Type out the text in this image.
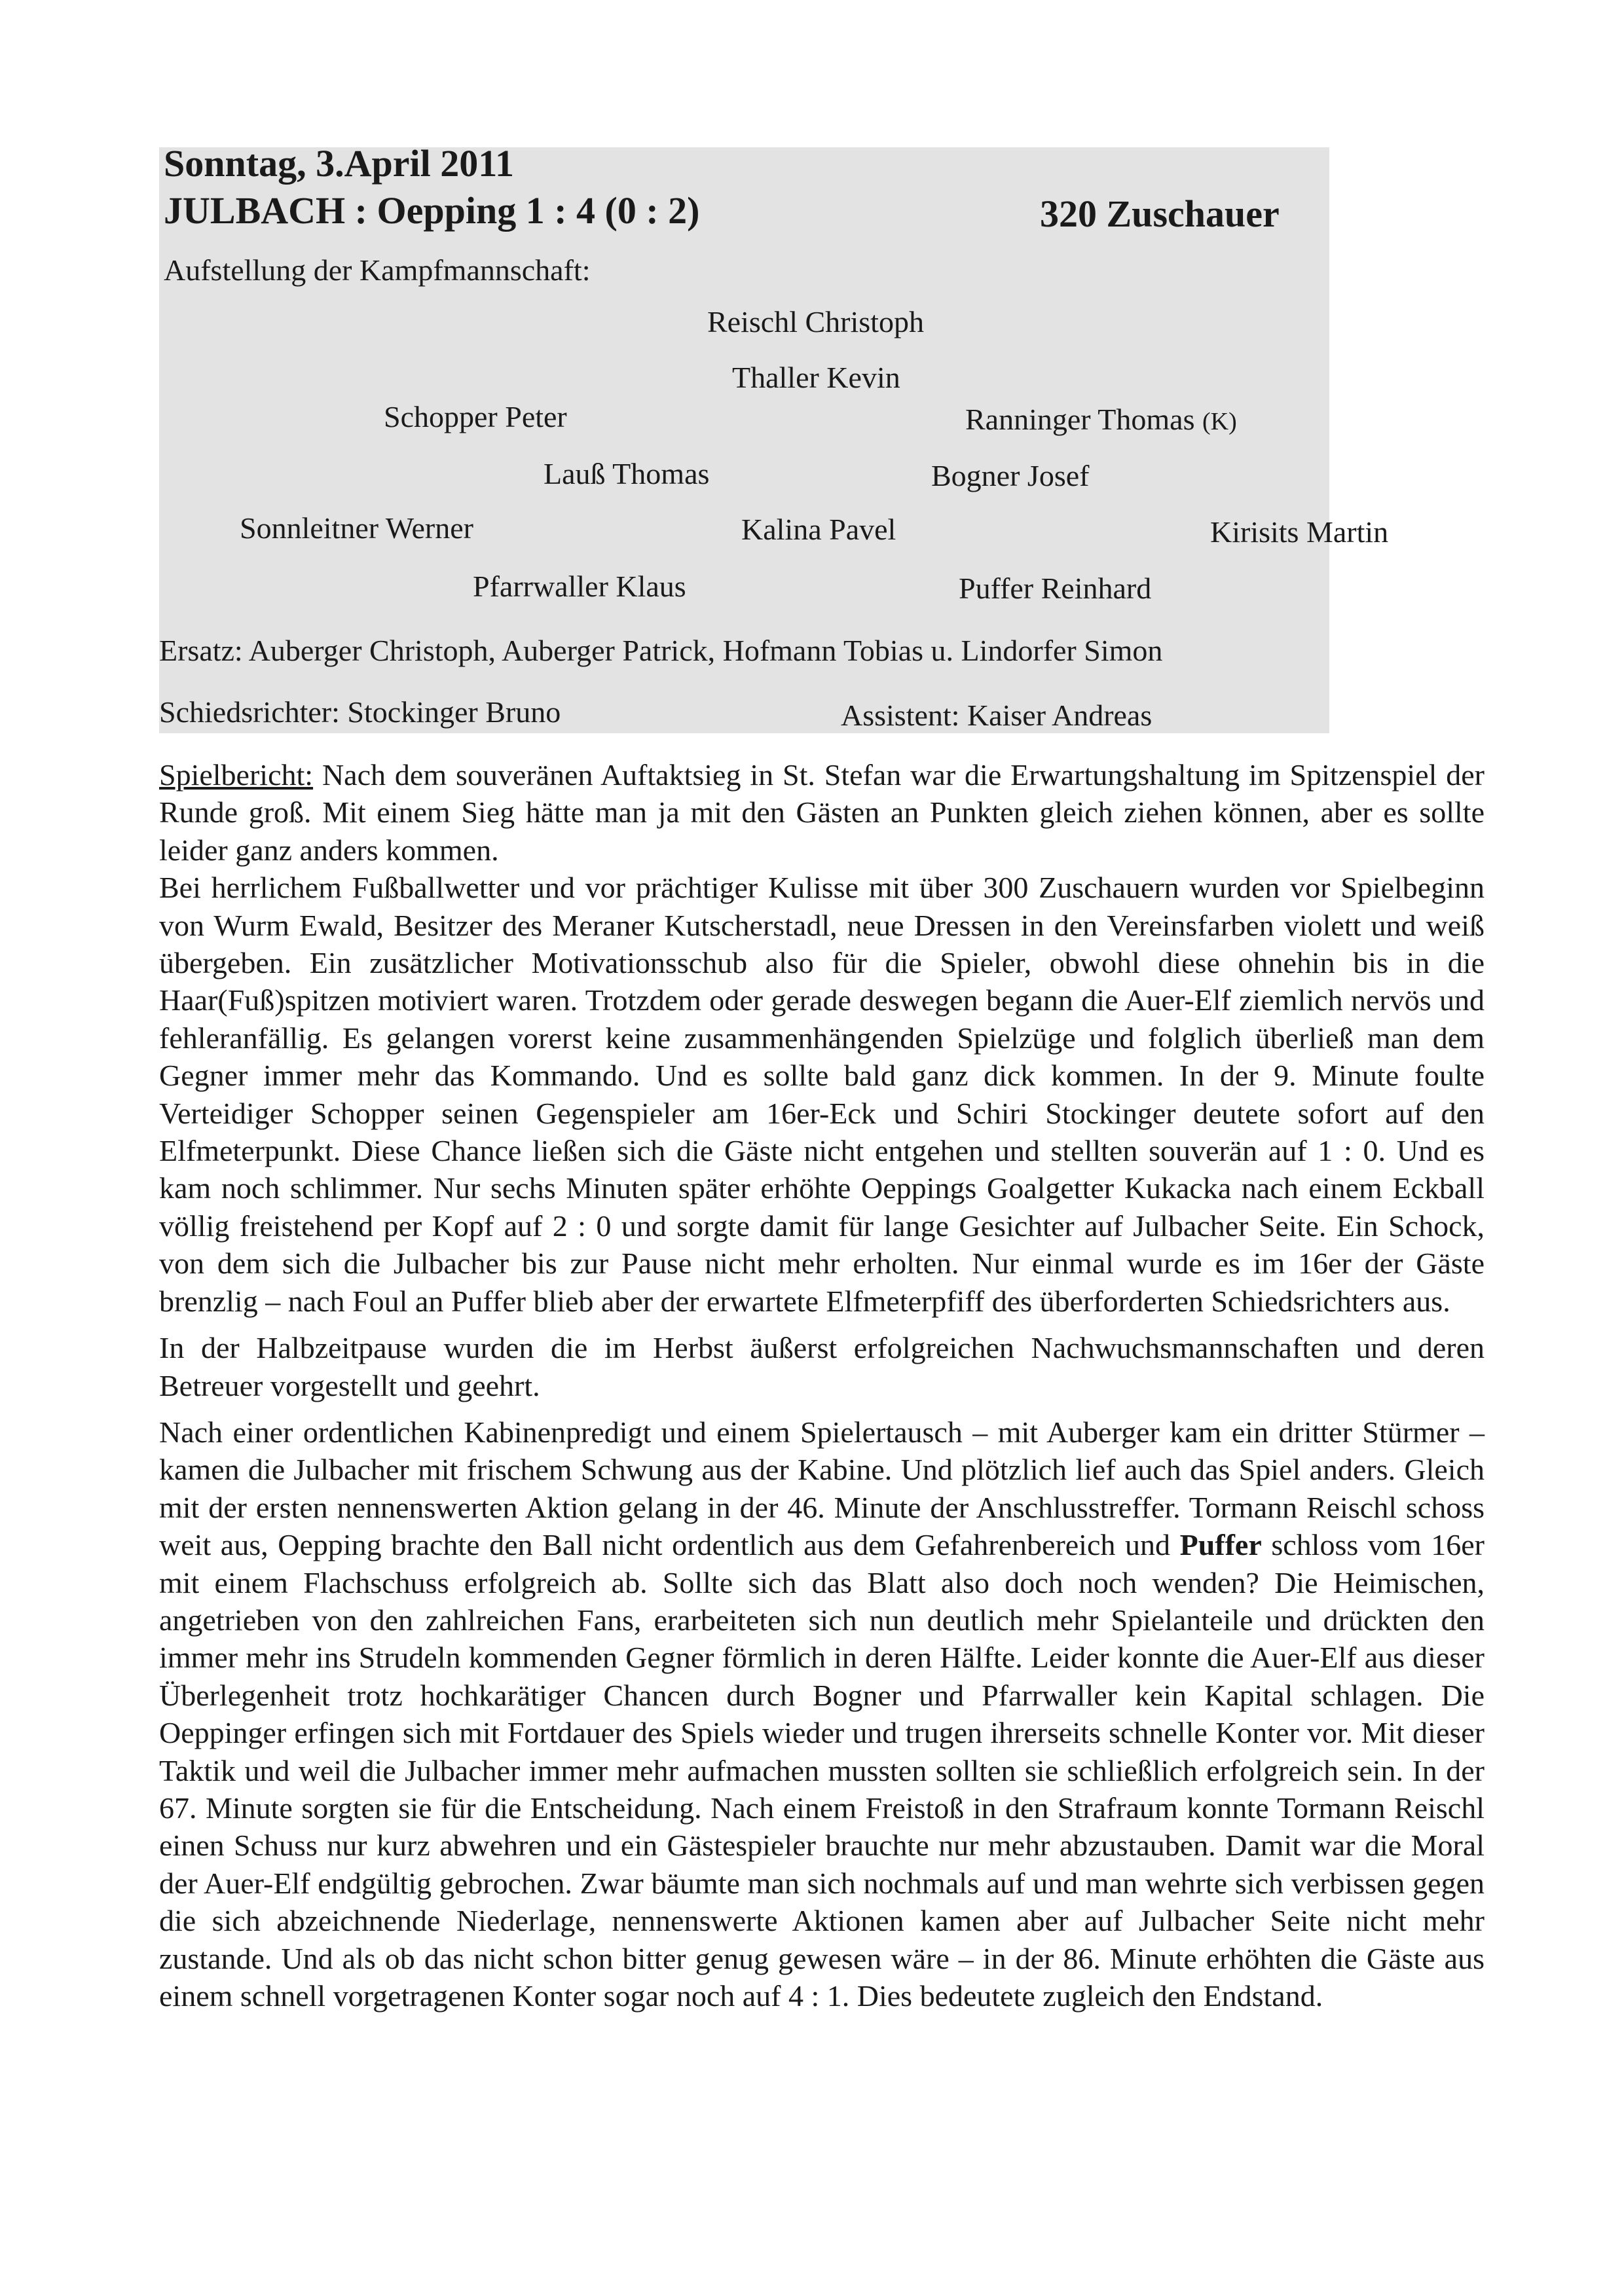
Sonntag, 3.April 2011
JULBACH : Oepping 1 : 4 (0 : 2)	320 Zuschauer
Aufstellung der Kampfmannschaft:
Reischl Christoph
Thaller Kevin
Schopper Peter	Ranninger Thomas (K)
Lauß Thomas	Bogner Josef
Sonnleitner Werner	Kalina Pavel	Kirisits Martin
Pfarrwaller Klaus	Puffer Reinhard
Ersatz: Auberger Christoph, Auberger Patrick, Hofmann Tobias u. Lindorfer Simon
Schiedsrichter: Stockinger Bruno	Assistent: Kaiser Andreas

Spielbericht: Nach dem souveränen Auftaktsieg in St. Stefan war die Erwartungshaltung im Spitzenspiel der Runde groß. Mit einem Sieg hätte man ja mit den Gästen an Punkten gleich ziehen können, aber es sollte leider ganz anders kommen.

Bei herrlichem Fußballwetter und vor prächtiger Kulisse mit über 300 Zuschauern wurden vor Spielbeginn von Wurm Ewald, Besitzer des Meraner Kutscherstadl, neue Dressen in den Vereinsfarben violett und weiß übergeben. Ein zusätzlicher Motivationsschub also für die Spieler, obwohl diese ohnehin bis in die Haar(Fuß)spitzen motiviert waren. Trotzdem oder gerade deswegen begann die Auer-Elf ziemlich nervös und fehleranfällig. Es gelangen vorerst keine zusammenhängenden Spielzüge und folglich überließ man dem Gegner immer mehr das Kommando. Und es sollte bald ganz dick kommen. In der 9. Minute foulte Verteidiger Schopper seinen Gegenspieler am 16er-Eck und Schiri Stockinger deutete sofort auf den Elfmeterpunkt. Diese Chance ließen sich die Gäste nicht entgehen und stellten souverän auf 1 : 0. Und es kam noch schlimmer. Nur sechs Minuten später erhöhte Oeppings Goalgetter Kukacka nach einem Eckball völlig freistehend per Kopf auf 2 : 0 und sorgte damit für lange Gesichter auf Julbacher Seite. Ein Schock, von dem sich die Julbacher bis zur Pause nicht mehr erholten. Nur einmal wurde es im 16er der Gäste brenzlig – nach Foul an Puffer blieb aber der erwartete Elfmeterpfiff des überforderten Schiedsrichters aus.

In der Halbzeitpause wurden die im Herbst äußerst erfolgreichen Nachwuchsmannschaften und deren Betreuer vorgestellt und geehrt.

Nach einer ordentlichen Kabinenpredigt und einem Spielertausch – mit Auberger kam ein dritter Stürmer – kamen die Julbacher mit frischem Schwung aus der Kabine. Und plötzlich lief auch das Spiel anders. Gleich mit der ersten nennenswerten Aktion gelang in der 46. Minute der Anschlusstreffer. Tormann Reischl schoss weit aus, Oepping brachte den Ball nicht ordentlich aus dem Gefahrenbereich und Puffer schloss vom 16er mit einem Flachschuss erfolgreich ab. Sollte sich das Blatt also doch noch wenden? Die Heimischen, angetrieben von den zahlreichen Fans, erarbeiteten sich nun deutlich mehr Spielanteile und drückten den immer mehr ins Strudeln kommenden Gegner förmlich in deren Hälfte. Leider konnte die Auer-Elf aus dieser Überlegenheit trotz hochkarätiger Chancen durch Bogner und Pfarrwaller kein Kapital schlagen. Die Oeppinger erfingen sich mit Fortdauer des Spiels wieder und trugen ihrerseits schnelle Konter vor. Mit dieser Taktik und weil die Julbacher immer mehr aufmachen mussten sollten sie schließlich erfolgreich sein. In der 67. Minute sorgten sie für die Entscheidung. Nach einem Freistoß in den Strafraum konnte Tormann Reischl einen Schuss nur kurz abwehren und ein Gästespieler brauchte nur mehr abzustauben. Damit war die Moral der Auer-Elf endgültig gebrochen. Zwar bäumte man sich nochmals auf und man wehrte sich verbissen gegen die sich abzeichnende Niederlage, nennenswerte Aktionen kamen aber auf Julbacher Seite nicht mehr zustande. Und als ob das nicht schon bitter genug gewesen wäre – in der 86. Minute erhöhten die Gäste aus einem schnell vorgetragenen Konter sogar noch auf 4 : 1. Dies bedeutete zugleich den Endstand.
